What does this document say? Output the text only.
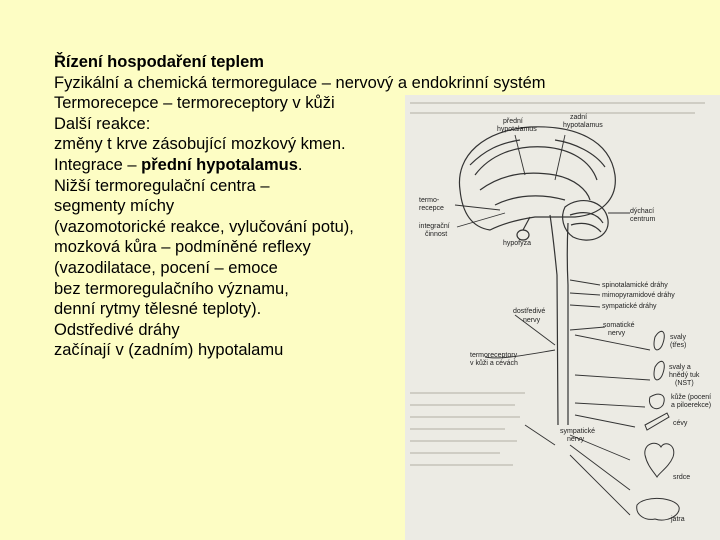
Řízení hospodaření teplem
Fyzikální a chemická termoregulace – nervový a endokrinní systém
Termorecepce – termoreceptory v kůži
Další reakce:
změny t krve zásobující mozkový kmen.
Integrace – přední hypotalamus.
Nižší termoregulační centra –
segmenty míchy
(vazomotorické reakce, vylučování potu),
mozková kůra – podmíněné reflexy
(vazodilatace, pocení – emoce
bez termoregulačního významu,
denní rytmy tělesné teploty).
Odstředivé dráhy
začínají v (zadním) hypotalamu
přední
hypotalamus
zadní
hypotalamus
termo-
recepce
integrační
činnost
hypofýza
dýchací
centrum
spinotalamické dráhy
mimopyramidové dráhy
sympatické dráhy
dostředivé
nervy
somatické
nervy
termoreceptory
v kůži a cévách
svaly
(třes)
svaly a
hnědý tuk
(NST)
kůže (pocení
a piloerekce)
cévy
sympatické
nervy
srdce
játra
